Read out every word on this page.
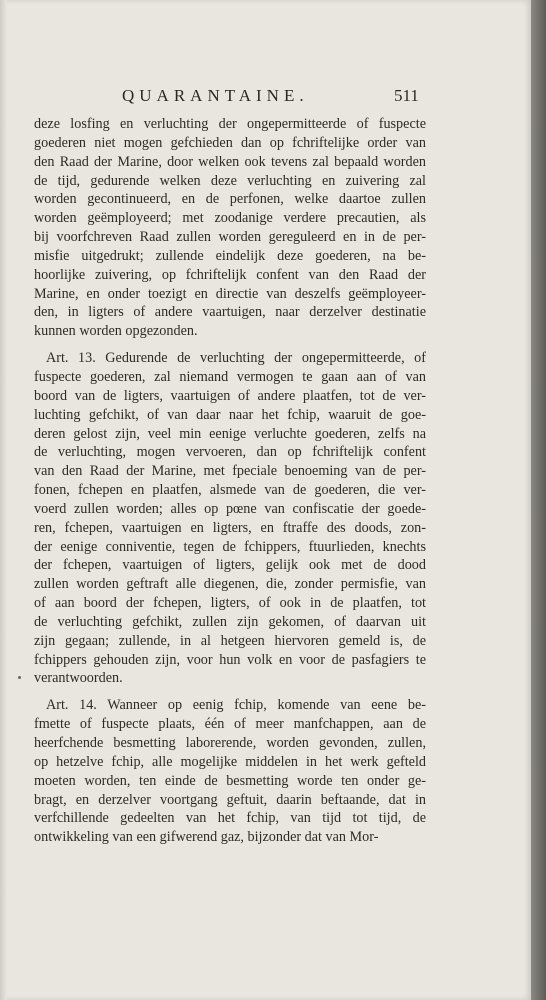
QUARANTAINE.	511
deze losfing en verluchting der ongepermitteerde of fuspecte
goederen niet mogen gefchieden dan op fchriftelijke order van
den Raad der Marine, door welken ook tevens zal bepaald worden
de tijd, gedurende welken deze verluchting en zuivering zal
worden gecontinueerd, en de perfonen, welke daartoe zullen
worden geëmployeerd; met zoodanige verdere precautien, als
bij voorfchreven Raad zullen worden gereguleerd en in de per-
misfie uitgedrukt; zullende eindelijk deze goederen, na be-
hoorlijke zuivering, op fchriftelijk confent van den Raad der
Marine, en onder toezigt en directie van deszelfs geëmployeer-
den, in ligters of andere vaartuigen, naar derzelver destinatie
kunnen worden opgezonden.
Art. 13. Gedurende de verluchting der ongepermitteerde, of
fuspecte goederen, zal niemand vermogen te gaan aan of van
boord van de ligters, vaartuigen of andere plaatfen, tot de ver-
luchting gefchikt, of van daar naar het fchip, waaruit de goe-
deren gelost zijn, veel min eenige verluchte goederen, zelfs na
de verluchting, mogen vervoeren, dan op fchriftelijk confent
van den Raad der Marine, met fpeciale benoeming van de per-
fonen, fchepen en plaatfen, alsmede van de goederen, die ver-
voerd zullen worden; alles op pœne van confiscatie der goede-
ren, fchepen, vaartuigen en ligters, en ftraffe des doods, zon-
der eenige conniventie, tegen de fchippers, ftuurlieden, knechts
der fchepen, vaartuigen of ligters, gelijk ook met de dood
zullen worden geftraft alle diegenen, die, zonder permisfie, van
of aan boord der fchepen, ligters, of ook in de plaatfen, tot
de verluchting gefchikt, zullen zijn gekomen, of daarvan uit
zijn gegaan; zullende, in al hetgeen hiervoren gemeld is, de
fchippers gehouden zijn, voor hun volk en voor de pasfagiers te
verantwoorden.
Art. 14. Wanneer op eenig fchip, komende van eene be-
fmette of fuspecte plaats, één of meer manfchappen, aan de
heerfchende besmetting laborerende, worden gevonden, zullen,
op hetzelve fchip, alle mogelijke middelen in het werk gefteld
moeten worden, ten einde de besmetting worde ten onder ge-
bragt, en derzelver voortgang geftuit, daarin beftaande, dat in
verfchillende gedeelten van het fchip, van tijd tot tijd, de
ontwikkeling van een gifwerend gaz, bijzonder dat van Mor-
